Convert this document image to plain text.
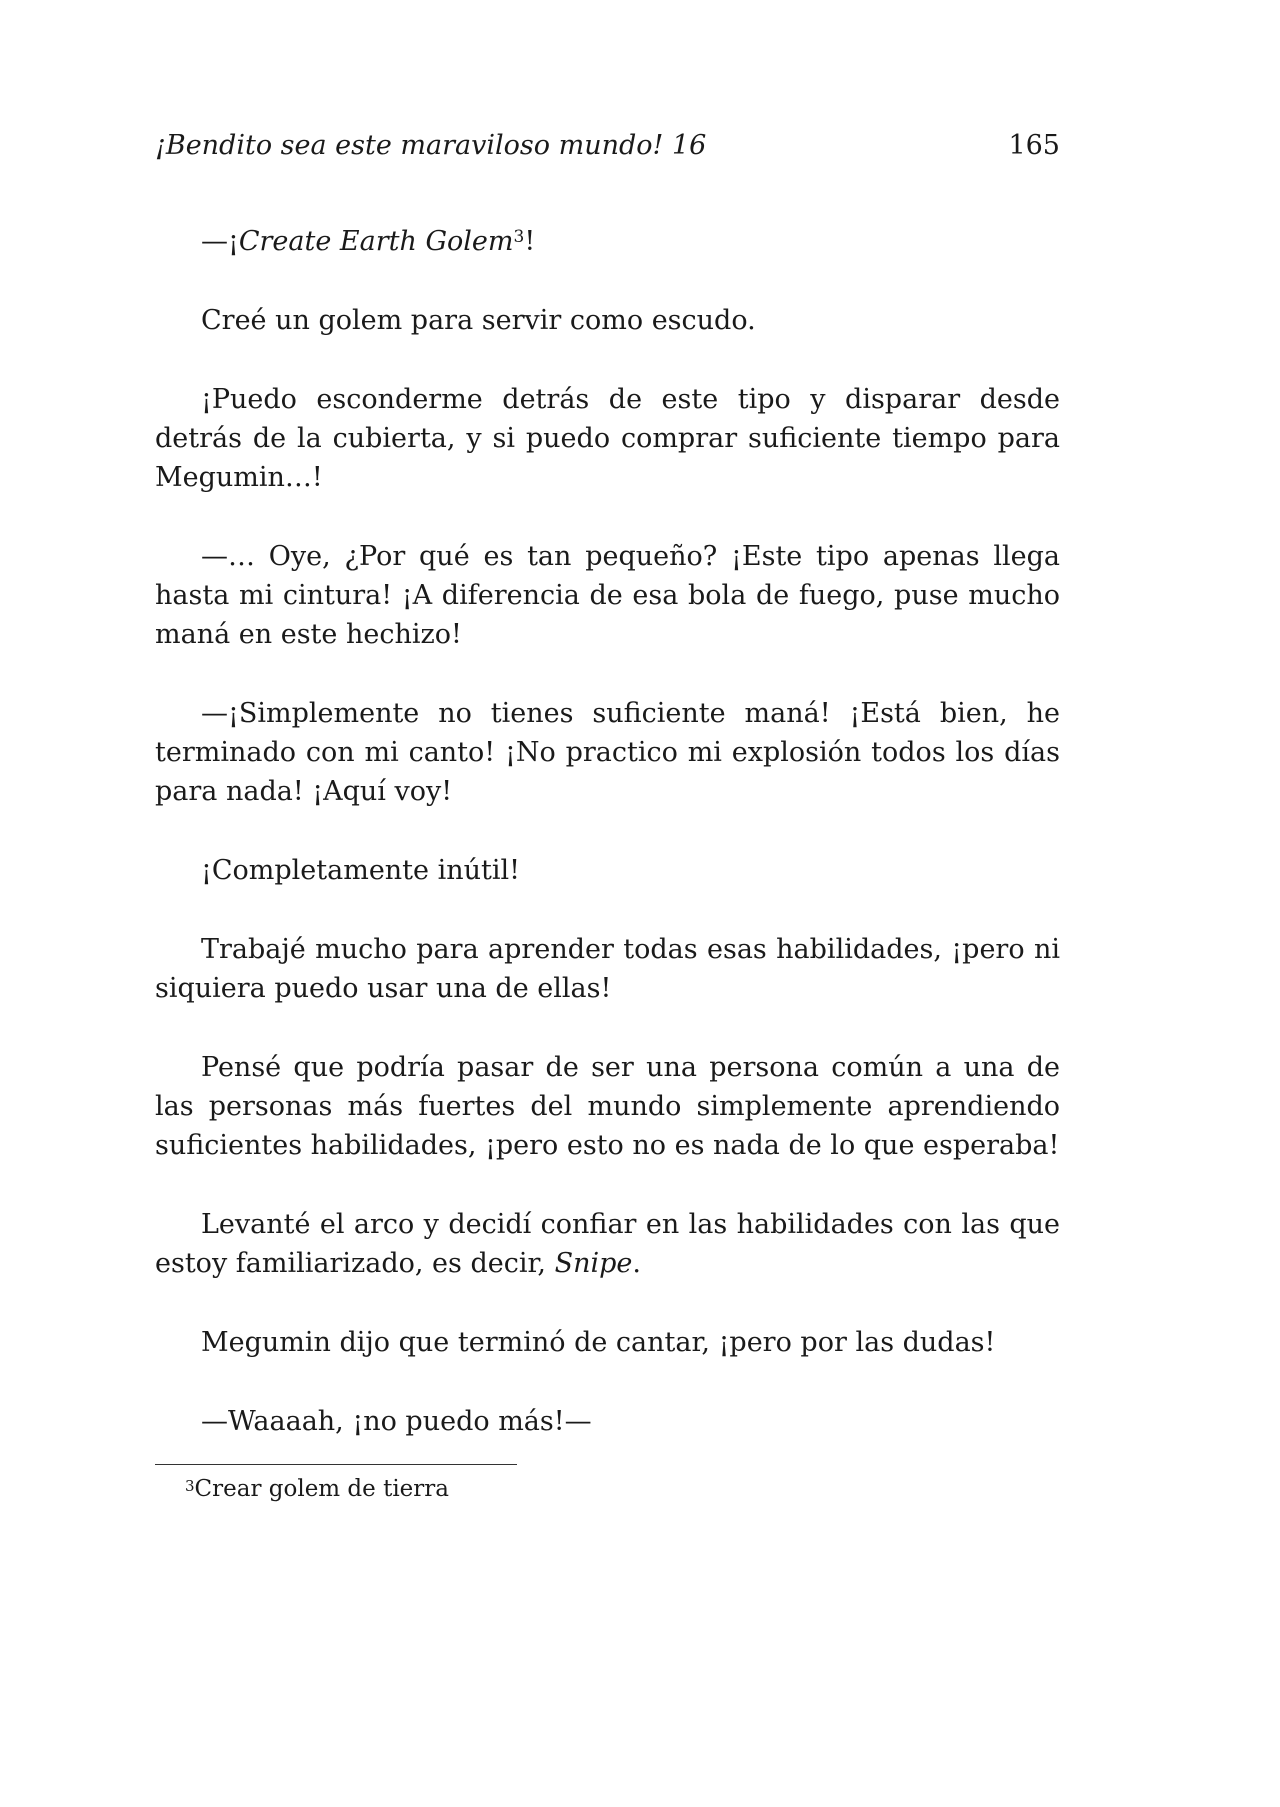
¡Bendito sea este maraviloso mundo! 16	165

—¡Create Earth Golem$^3$!

Creé un golem para servir como escudo.

¡Puedo esconderme detrás de este tipo y disparar desde detrás de la cubierta, y si puedo comprar suficiente tiempo para Megumin…!

—… Oye, ¿Por qué es tan pequeño? ¡Este tipo apenas llega hasta mi cintura! ¡A diferencia de esa bola de fuego, puse mucho maná en este hechizo!

—¡Simplemente no tienes suficiente maná! ¡Está bien, he terminado con mi canto! ¡No practico mi explosión todos los días para nada! ¡Aquí voy!

¡Completamente inútil!

Trabajé mucho para aprender todas esas habilidades, ¡pero ni siquiera puedo usar una de ellas!

Pensé que podría pasar de ser una persona común a una de las personas más fuertes del mundo simplemente aprendiendo suficientes habilidades, ¡pero esto no es nada de lo que esperaba!

Levanté el arco y decidí confiar en las habilidades con las que estoy familiarizado, es decir, Snipe.

Megumin dijo que terminó de cantar, ¡pero por las dudas!

—Waaaah, ¡no puedo más!—

$^3$Crear golem de tierra
